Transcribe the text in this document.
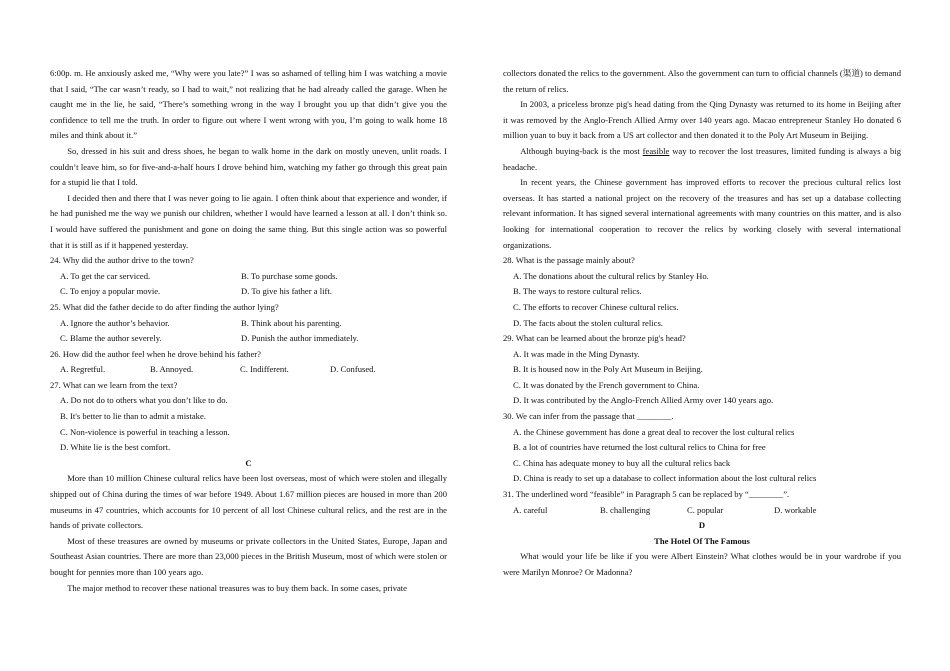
6:00p. m. He anxiously asked me, “Why were you late?” I was so ashamed of telling him I was watching a movie that I said, “The car wasn’t ready, so I had to wait,” not realizing that he had already called the garage. When he caught me in the lie, he said, “There’s something wrong in the way I brought you up that didn’t give you the confidence to tell me the truth. In order to figure out where I went wrong with you, I’m going to walk home 18 miles and think about it.”

So, dressed in his suit and dress shoes, he began to walk home in the dark on mostly uneven, unlit roads. I couldn’t leave him, so for five-and-a-half hours I drove behind him, watching my father go through this great pain for a stupid lie that I told.

I decided then and there that I was never going to lie again. I often think about that experience and wonder, if he had punished me the way we punish our children, whether I would have learned a lesson at all. I don’t think so. I would have suffered the punishment and gone on doing the same thing. But this single action was so powerful that it is still as if it happened yesterday.

24. Why did the author drive to the town?
A. To get the car serviced.	B. To purchase some goods.
C. To enjoy a popular movie.	D. To give his father a lift.
25. What did the father decide to do after finding the author lying?
A. Ignore the author’s behavior.	B. Think about his parenting.
C. Blame the author severely.	D. Punish the author immediately.
26. How did the author feel when he drove behind his father?
A. Regretful.	B. Annoyed.	C. Indifferent.	D. Confused.
27. What can we learn from the text?
A. Do not do to others what you don’t like to do.
B. It's better to lie than to admit a mistake.
C. Non-violence is powerful in teaching a lesson.
D. White lie is the best comfort.
C

More than 10 million Chinese cultural relics have been lost overseas, most of which were stolen and illegally shipped out of China during the times of war before 1949. About 1.67 million pieces are housed in more than 200 museums in 47 countries, which accounts for 10 percent of all lost Chinese cultural relics, and the rest are in the hands of private collectors.

Most of these treasures are owned by museums or private collectors in the United States, Europe, Japan and Southeast Asian countries. There are more than 23,000 pieces in the British Museum, most of which were stolen or bought for pennies more than 100 years ago.

The major method to recover these national treasures was to buy them back. In some cases, private

collectors donated the relics to the government. Also the government can turn to official channels (渠道) to demand the return of relics.

In 2003, a priceless bronze pig's head dating from the Qing Dynasty was returned to its home in Beijing after it was removed by the Anglo-French Allied Army over 140 years ago. Macao entrepreneur Stanley Ho donated 6 million yuan to buy it back from a US art collector and then donated it to the Poly Art Museum in Beijing.

Although buying-back is the most feasible way to recover the lost treasures, limited funding is always a big headache.

In recent years, the Chinese government has improved efforts to recover the precious cultural relics lost overseas. It has started a national project on the recovery of the treasures and has set up a database collecting relevant information. It has signed several international agreements with many countries on this matter, and is also looking for international cooperation to recover the relics by working closely with several international organizations.

28. What is the passage mainly about?
A. The donations about the cultural relics by Stanley Ho.
B. The ways to restore cultural relics.
C. The efforts to recover Chinese cultural relics.
D. The facts about the stolen cultural relics.
29. What can be learned about the bronze pig's head?
A. It was made in the Ming Dynasty.
B. It is housed now in the Poly Art Museum in Beijing.
C. It was donated by the French government to China.
D. It was contributed by the Anglo-French Allied Army over 140 years ago.
30. We can infer from the passage that ________.
A. the Chinese government has done a great deal to recover the lost cultural relics
B. a lot of countries have returned the lost cultural relics to China for free
C. China has adequate money to buy all the cultural relics back
D. China is ready to set up a database to collect information about the lost cultural relics
31. The underlined word “feasible” in Paragraph 5 can be replaced by “________”.
A. careful	B. challenging	C. popular	D. workable
D
The Hotel Of The Famous

What would your life be like if you were Albert Einstein? What clothes would be in your wardrobe if you were Marilyn Monroe? Or Madonna?
